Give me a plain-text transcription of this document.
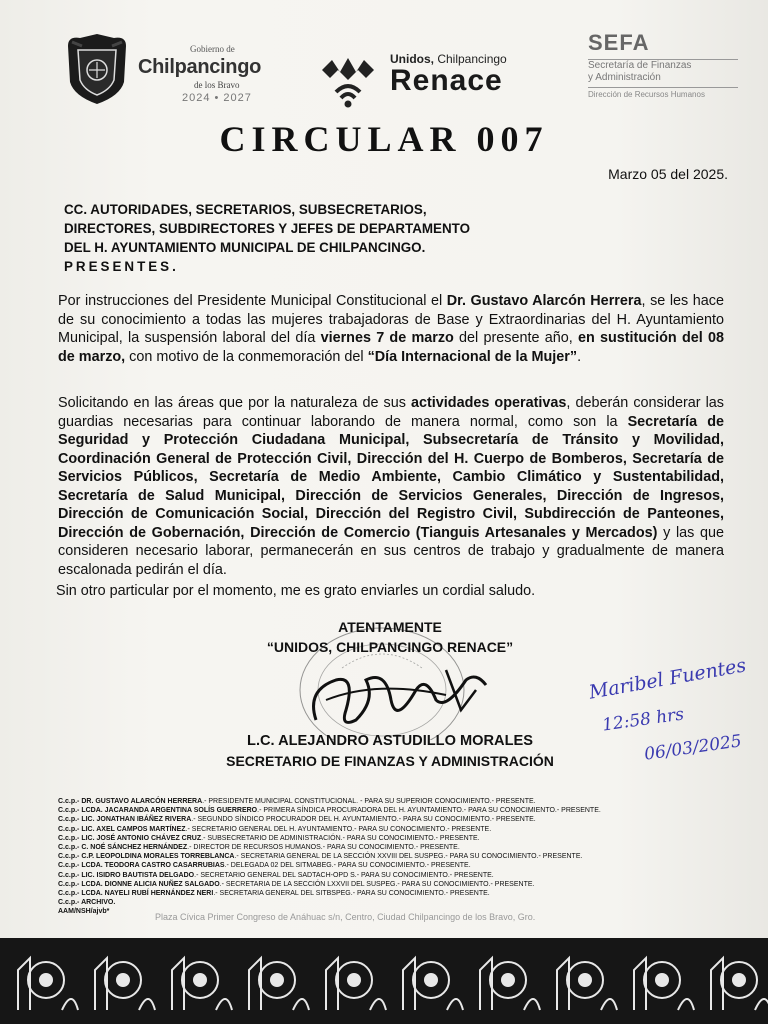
Gobierno de
Chilpancingo
de los Bravo
2024 • 2027
Unidos, Chilpancingo
Renace
SEFA
Secretaría de Finanzas
y Administración
Dirección de Recursos Humanos
CIRCULAR 007
Marzo 05 del 2025.
CC. AUTORIDADES, SECRETARIOS, SUBSECRETARIOS,
DIRECTORES, SUBDIRECTORES Y JEFES DE DEPARTAMENTO
DEL H. AYUNTAMIENTO MUNICIPAL DE CHILPANCINGO.
PRESENTES.
Por instrucciones del Presidente Municipal Constitucional el Dr. Gustavo Alarcón Herrera, se les hace de su conocimiento a todas las mujeres trabajadoras de Base y Extraordinarias del H. Ayuntamiento Municipal, la suspensión laboral del día viernes 7 de marzo del presente año, en sustitución del 08 de marzo, con motivo de la conmemoración del “Día Internacional de la Mujer”.
Solicitando en las áreas que por la naturaleza de sus actividades operativas, deberán considerar las guardias necesarias para continuar laborando de manera normal, como son la Secretaría de Seguridad y Protección Ciudadana Municipal, Subsecretaría de Tránsito y Movilidad, Coordinación General de Protección Civil, Dirección del H. Cuerpo de Bomberos, Secretaría de Servicios Públicos, Secretaría de Medio Ambiente, Cambio Climático y Sustentabilidad, Secretaría de Salud Municipal, Dirección de Servicios Generales, Dirección de Ingresos, Dirección de Comunicación Social, Dirección del Registro Civil, Subdirección de Panteones, Dirección de Gobernación, Dirección de Comercio (Tianguis Artesanales y Mercados) y las que consideren necesario laborar, permanecerán en sus centros de trabajo y gradualmente de manera escalonada pedirán el día.
Sin otro particular por el momento, me es grato enviarles un cordial saludo.
ATENTAMENTE
“UNIDOS, CHILPANCINGO RENACE”
L.C. ALEJANDRO ASTUDILLO MORALES
SECRETARIO DE FINANZAS Y ADMINISTRACIÓN
Maribel Fuentes
12:58 hrs
06/03/2025
C.c.p.- DR. GUSTAVO ALARCÓN HERRERA.- PRESIDENTE MUNICIPAL CONSTITUCIONAL. - PARA SU SUPERIOR CONOCIMIENTO.- PRESENTE.
C.c.p.- LCDA. JACARANDA ARGENTINA SOLÍS GUERRERO.- PRIMERA SÍNDICA PROCURADORA DEL H. AYUNTAMIENTO.- PARA SU CONOCIMIENTO.- PRESENTE.
C.c.p.- LIC. JONATHAN IBÁÑEZ RIVERA.- SEGUNDO SÍNDICO PROCURADOR DEL H. AYUNTAMIENTO.- PARA SU CONOCIMIENTO.- PRESENTE.
C.c.p.- LIC. AXEL CAMPOS MARTÍNEZ.- SECRETARIO GENERAL DEL H. AYUNTAMIENTO.- PARA SU CONOCIMIENTO.- PRESENTE.
C.c.p.- LIC. JOSÉ ANTONIO CHÁVEZ CRUZ.- SUBSECRETARIO DE ADMINISTRACIÓN.- PARA SU CONOCIMIENTO.- PRESENTE.
C.c.p.- C. NOÉ SÁNCHEZ HERNÁNDEZ.- DIRECTOR DE RECURSOS HUMANOS.- PARA SU CONOCIMIENTO.- PRESENTE.
C.c.p.- C.P. LEOPOLDINA MORALES TORREBLANCA.- SECRETARIA GENERAL DE LA SECCIÓN XXVIII DEL SUSPEG.- PARA SU CONOCIMIENTO.- PRESENTE.
C.c.p.- LCDA. TEODORA CASTRO CASARRUBIAS.- DELEGADA 02 DEL SITMABEG.- PARA SU CONOCIMIENTO.- PRESENTE.
C.c.p.- LIC. ISIDRO BAUTISTA DELGADO.- SECRETARIO GENERAL DEL SADTACH-OPD S.- PARA SU CONOCIMIENTO.- PRESENTE.
C.c.p.- LCDA. DIONNE ALICIA NUÑEZ SALGADO.- SECRETARIA DE LA SECCIÓN LXXVII DEL SUSPEG.- PARA SU CONOCIMIENTO.- PRESENTE.
C.c.p.- LCDA. NAYELI RUBÍ HERNÁNDEZ NERI.- SECRETARIA GENERAL DEL SITBSPEG.- PARA SU CONOCIMIENTO.- PRESENTE.
C.c.p.- ARCHIVO.
AAM/NSH/ajvb*
Plaza Cívica Primer Congreso de Anáhuac s/n, Centro, Ciudad Chilpancingo de los Bravo, Gro.
